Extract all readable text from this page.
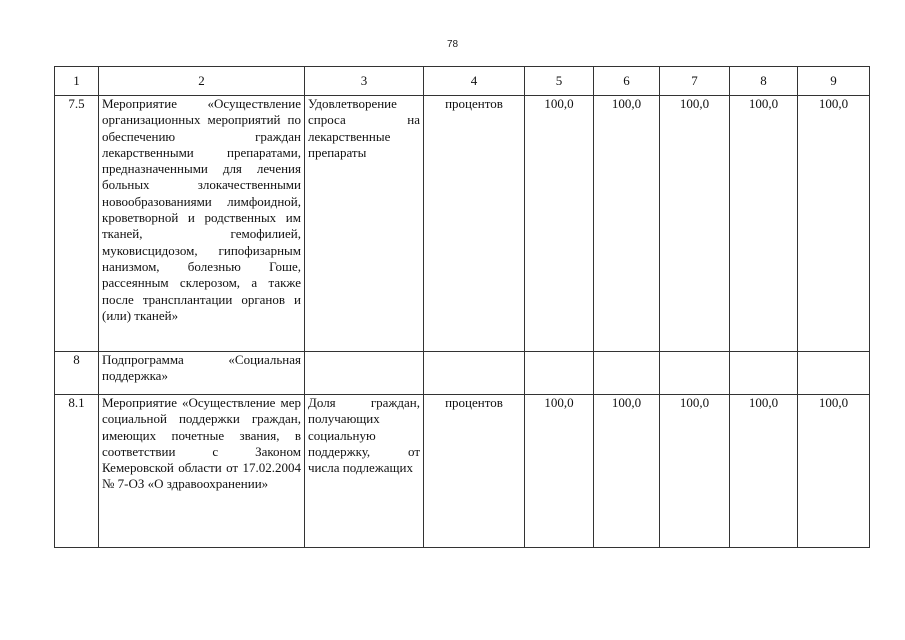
78
1	2	3	4	5	6	7	8	9
7.5	Мероприятие «Осуществление организационных мероприятий по обеспечению граждан лекарственными препаратами, предназначенными для лечения больных злокачественными новообразованиями лимфоидной, кроветворной и родственных им тканей, гемофилией, муковисцидозом, гипофизарным нанизмом, болезнью Гоше, рассеянным склерозом, а также после трансплантации органов и (или) тканей»	Удовлетворение спроса на лекарственные препараты	процентов	100,0	100,0	100,0	100,0	100,0
8	Подпрограмма «Социальная поддержка»							
8.1	Мероприятие «Осуществление мер социальной поддержки граждан, имеющих почетные звания, в соответствии с Законом Кемеровской области от 17.02.2004 № 7-ОЗ «О здравоохранении»	Доля граждан, получающих социальную поддержку, от числа подлежащих	процентов	100,0	100,0	100,0	100,0	100,0
